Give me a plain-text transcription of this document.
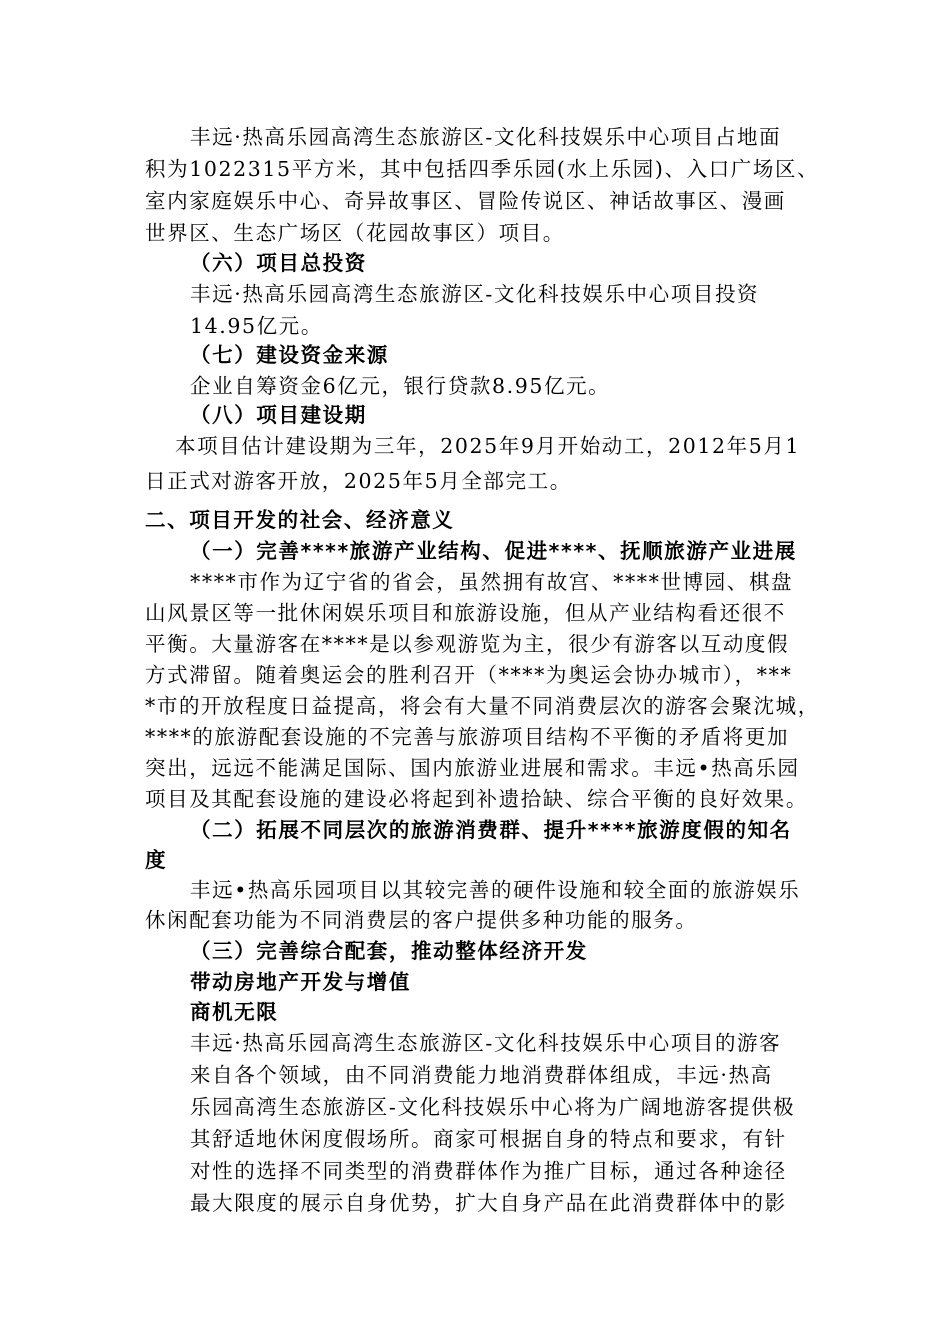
丰远·热高乐园高湾生态旅游区-文化科技娱乐中心项目占地面
积为1022315平方米，其中包括四季乐园(水上乐园)、入口广场区、
室内家庭娱乐中心、奇异故事区、冒险传说区、神话故事区、漫画
世界区、生态广场区（花园故事区）项目。
（六）项目总投资
丰远·热高乐园高湾生态旅游区-文化科技娱乐中心项目投资
14.95亿元。
（七）建设资金来源
企业自筹资金6亿元，银行贷款8.95亿元。
（八）项目建设期
本项目估计建设期为三年，2025年9月开始动工，2012年5月1
日正式对游客开放，2025年5月全部完工。
二、项目开发的社会、经济意义
（一）完善****旅游产业结构、促进****、抚顺旅游产业进展
****市作为辽宁省的省会，虽然拥有故宫、****世博园、棋盘
山风景区等一批休闲娱乐项目和旅游设施，但从产业结构看还很不
平衡。大量游客在****是以参观游览为主，很少有游客以互动度假
方式滞留。随着奥运会的胜利召开（****为奥运会协办城市），***
*市的开放程度日益提高，将会有大量不同消费层次的游客会聚沈城，
****的旅游配套设施的不完善与旅游项目结构不平衡的矛盾将更加
突出，远远不能满足国际、国内旅游业进展和需求。丰远•热高乐园
项目及其配套设施的建设必将起到补遗拾缺、综合平衡的良好效果。
（二）拓展不同层次的旅游消费群、提升****旅游度假的知名
度
丰远•热高乐园项目以其较完善的硬件设施和较全面的旅游娱乐
休闲配套功能为不同消费层的客户提供多种功能的服务。
（三）完善综合配套，推动整体经济开发
带动房地产开发与增值
商机无限
丰远·热高乐园高湾生态旅游区-文化科技娱乐中心项目的游客
来自各个领域，由不同消费能力地消费群体组成，丰远·热高
乐园高湾生态旅游区-文化科技娱乐中心将为广阔地游客提供极
其舒适地休闲度假场所。商家可根据自身的特点和要求，有针
对性的选择不同类型的消费群体作为推广目标，通过各种途径
最大限度的展示自身优势，扩大自身产品在此消费群体中的影
